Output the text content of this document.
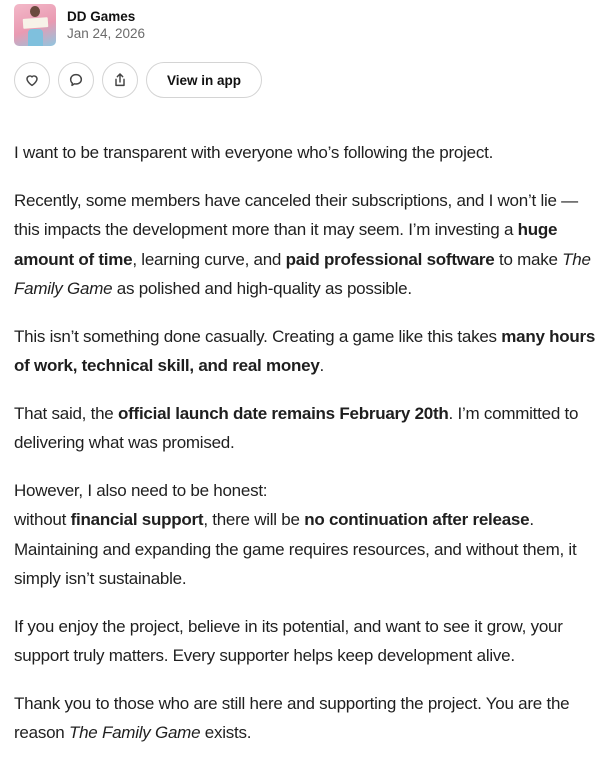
DD Games
Jan 24, 2026
View in app

I want to be transparent with everyone who’s following the project.

Recently, some members have canceled their subscriptions, and I won’t lie — this impacts the development more than it may seem. I’m investing a huge amount of time, learning curve, and paid professional software to make The Family Game as polished and high-quality as possible.

This isn’t something done casually. Creating a game like this takes many hours of work, technical skill, and real money.

That said, the official launch date remains February 20th. I’m committed to delivering what was promised.

However, I also need to be honest:
without financial support, there will be no continuation after release. Maintaining and expanding the game requires resources, and without them, it simply isn’t sustainable.

If you enjoy the project, believe in its potential, and want to see it grow, your support truly matters. Every supporter helps keep development alive.

Thank you to those who are still here and supporting the project. You are the reason The Family Game exists.
